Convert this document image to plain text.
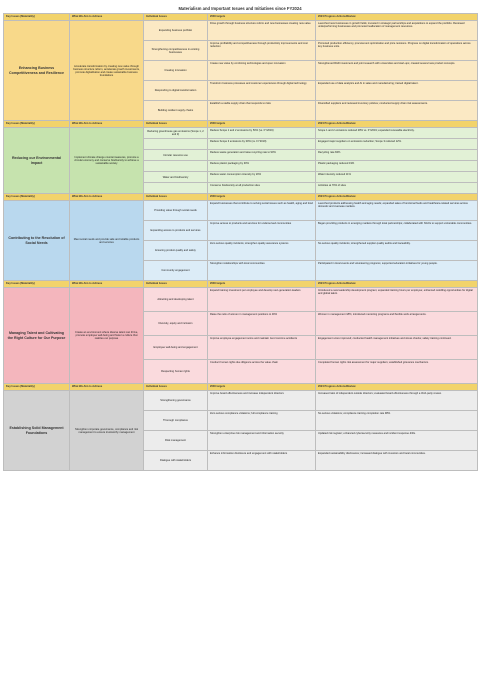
Materialism and Important Issues and Initiatives since FY2024
Key Issues (Materiality)	What We Aim to Achieve	Individual Issues	2030 targets	2024 Progress Actions/Review
Enhancing Business Competitiveness and Resilience	Accelerate transformation by creating new value through business structure reform, accelerate growth investments, promote digitalization and create sustainable business foundations	Expanding business portfolio	Drive growth through business structure reform and new businesses creating new value	Launched new businesses in growth fields; invested in strategic partnerships and acquisitions to expand the portfolio. Reviewed underperforming businesses and promoted reallocation of management resources.
		Strengthening competitiveness in existing businesses	Improve profitability and competitiveness through productivity improvements and cost reduction	Promoted production efficiency, procurement optimization and price revisions. Progress on digital transformation of operations across key business units.
		Creating innovation	Create new value by combining technologies and open innovation	Strengthened R&D investment and joint research with universities and start-ups; created several new product concepts.
		Responding to digital transformation	Transform business processes and customer experiences through digital technology	Expanded use of data analytics and AI in sales and manufacturing; trained digital talent.
		Building resilient supply chains	Establish a stable supply chain that responds to risks	Diversified suppliers and reviewed inventory policies; conducted supply chain risk assessments.
Key Issues (Materiality)	What We Aim to Achieve	Individual Issues	2030 targets	2024 Progress Actions/Review
Reducing our Environmental Impact	Implement climate change countermeasures, promote a circular economy and conserve biodiversity to achieve a sustainable society	Reducing greenhouse gas emissions (Scope 1, 2 and 3)	Reduce Scope 1 and 2 emissions by 50% (vs. FY2019)	Scope 1 and 2 emissions reduced 28% vs. FY2019; expanded renewable electricity.
			Reduce Scope 3 emissions by 30% (vs. FY2019)	Engaged major suppliers on emissions reduction; Scope 3 reduced 12%.
		Circular resource use	Reduce waste generation and raise recycling rate to 90%	Recycling rate 84%
			Reduce plastic packaging by 30%	Plastic packaging reduced 19%
		Water and biodiversity	Reduce water consumption intensity by 20%	Water intensity reduced 11%
			Conserve biodiversity at all production sites	Activities at 70% of sites
Key Issues (Materiality)	What We Aim to Achieve	Individual Issues	2030 targets	2024 Progress Actions/Review
Contributing to the Resolution of Social Needs	Meet social needs and provide safe and reliable products and services	Providing value through social needs	Expand businesses that contribute to solving social issues such as health, aging and food	Launched products addressing health and aging needs; expanded sales of functional foods and healthcare-related services across domestic and overseas markets.
		Expanding access to products and services	Improve access to products and services for underserved communities	Began providing products in emerging markets through local partnerships; collaborated with NGOs to support vulnerable communities.
		Ensuring product quality and safety	Zero serious quality incidents; strengthen quality assurance systems	No serious quality incidents; strengthened supplier quality audits and traceability.
		Community engagement	Strengthen relationships with local communities	Participated in local events and volunteering programs; supported education initiatives for young people.
Key Issues (Materiality)	What We Aim to Achieve	Individual Issues	2030 targets	2024 Progress Actions/Review
Managing Talent and Cultivating the Right Culture for Our Purpose	Create an environment where diverse talent can thrive, promote employee well-being and foster a culture that realizes our purpose	Attracting and developing talent	Expand training investment per employee and develop next-generation leaders	Introduced a new leadership development program; expanded training hours per employee; enhanced reskilling opportunities for digital and global talent.
		Diversity, equity and inclusion	Raise the ratio of women in management positions to 30%	Women in management 18%; introduced mentoring programs and flexible work arrangements.
		Employee well-being and engagement	Improve employee engagement score and maintain zero lost-time accidents	Engagement score improved; conducted health management initiatives and stress checks; safety training continued.
		Respecting human rights	Conduct human rights due diligence across the value chain	Completed human rights risk assessment for major suppliers; established grievance mechanism.
Key Issues (Materiality)	What We Aim to Achieve	Individual Issues	2030 targets	2024 Progress Actions/Review
Establishing Solid Management Foundations	Strengthen corporate governance, compliance and risk management to ensure trustworthy management	Strengthening governance	Improve board effectiveness and increase independent directors	Increased ratio of independent outside directors; evaluated board effectiveness through a third-party review.
		Thorough compliance	Zero serious compliance violations; full compliance training	No serious violations; compliance training completion rate 98%.
		Risk management	Strengthen enterprise risk management and information security	Updated risk register; enhanced cybersecurity measures and incident response drills.
		Dialogue with stakeholders	Enhance information disclosure and engagement with stakeholders	Expanded sustainability disclosures; increased dialogue with investors and local communities.
